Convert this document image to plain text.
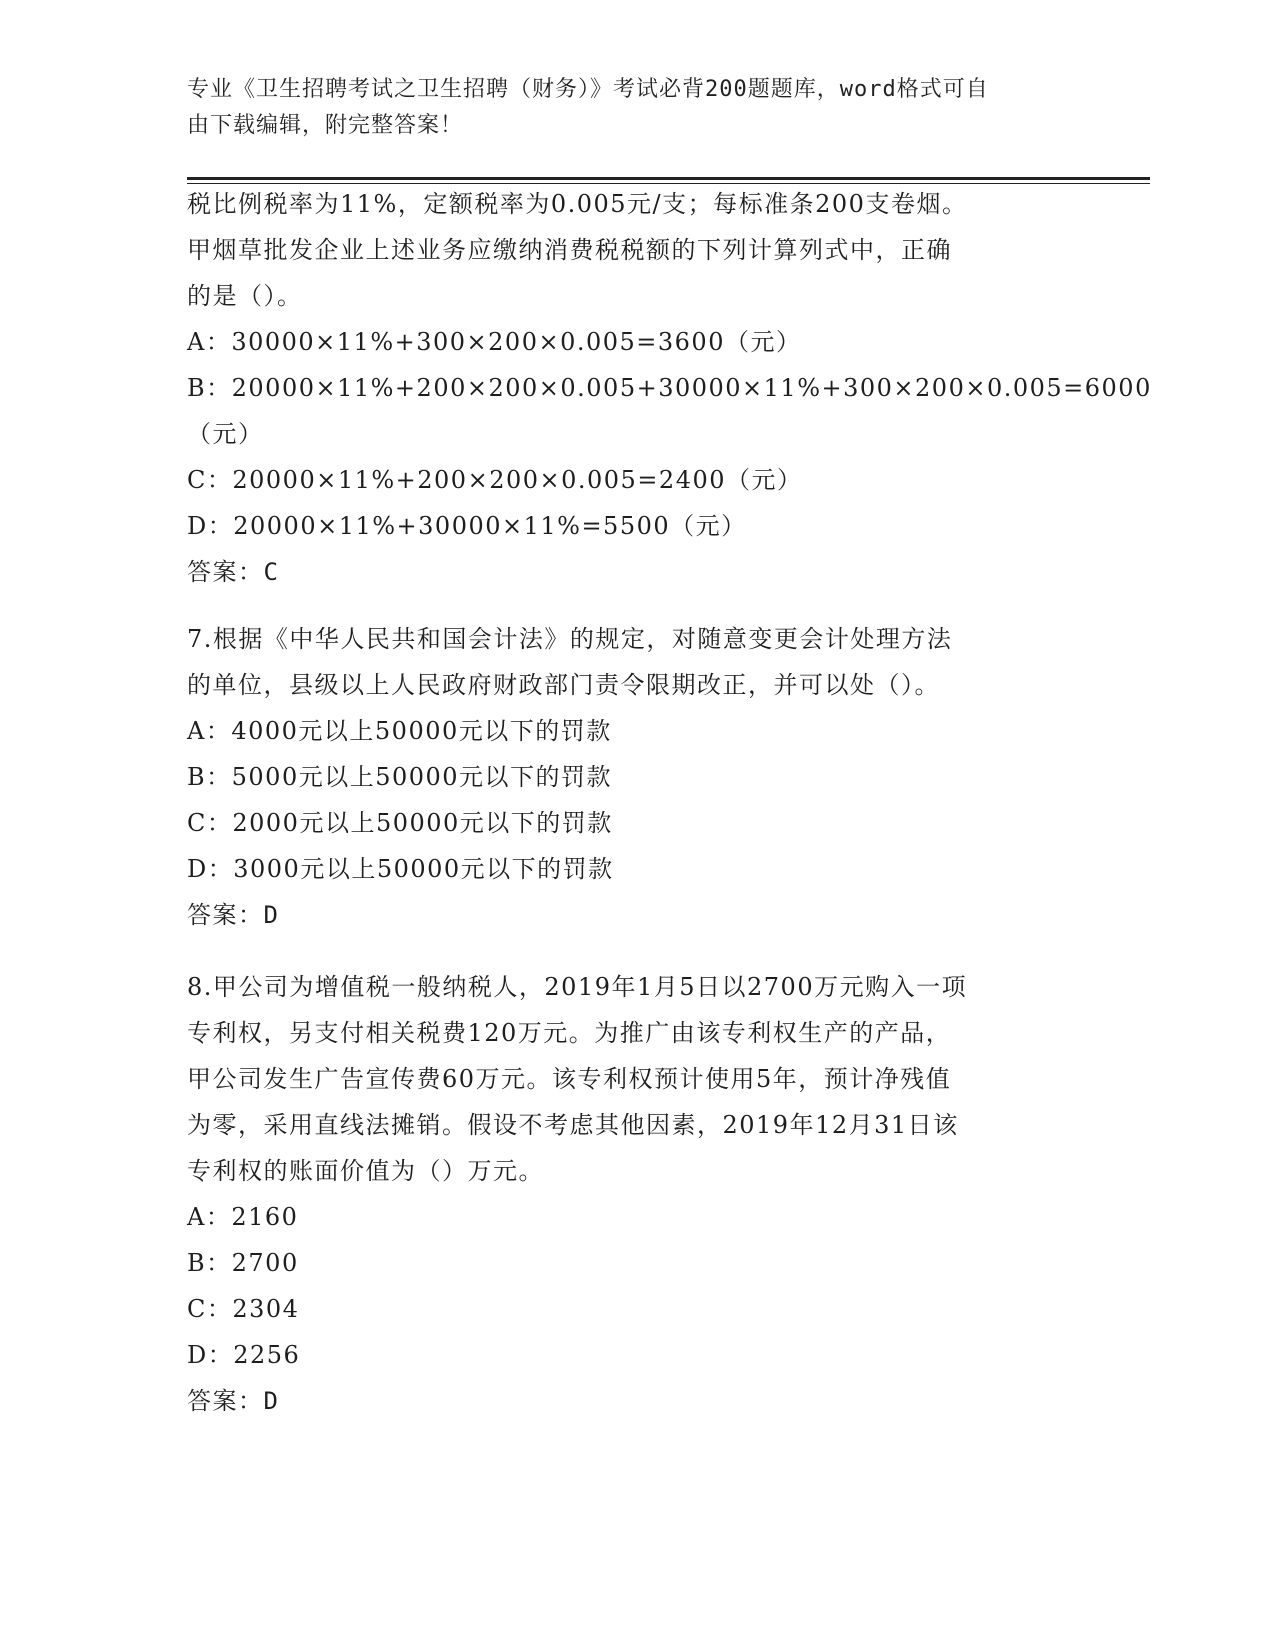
专业《卫生招聘考试之卫生招聘（财务）》考试必背200题题库，word格式可自
由下载编辑，附完整答案！
税比例税率为11%，定额税率为0.005元/支；每标准条200支卷烟。
甲烟草批发企业上述业务应缴纳消费税税额的下列计算列式中，正确
的是（）。
A：30000×11%+300×200×0.005=3600（元）
B：20000×11%+200×200×0.005+30000×11%+300×200×0.005=6000
（元）
C：20000×11%+200×200×0.005=2400（元）
D：20000×11%+30000×11%=5500（元）
答案：C
7.根据《中华人民共和国会计法》的规定，对随意变更会计处理方法
的单位，县级以上人民政府财政部门责令限期改正，并可以处（）。
A：4000元以上50000元以下的罚款
B：5000元以上50000元以下的罚款
C：2000元以上50000元以下的罚款
D：3000元以上50000元以下的罚款
答案：D
8.甲公司为增值税一般纳税人，2019年1月5日以2700万元购入一项
专利权，另支付相关税费120万元。为推广由该专利权生产的产品，
甲公司发生广告宣传费60万元。该专利权预计使用5年，预计净残值
为零，采用直线法摊销。假设不考虑其他因素，2019年12月31日该
专利权的账面价值为（）万元。
A：2160
B：2700
C：2304
D：2256
答案：D
